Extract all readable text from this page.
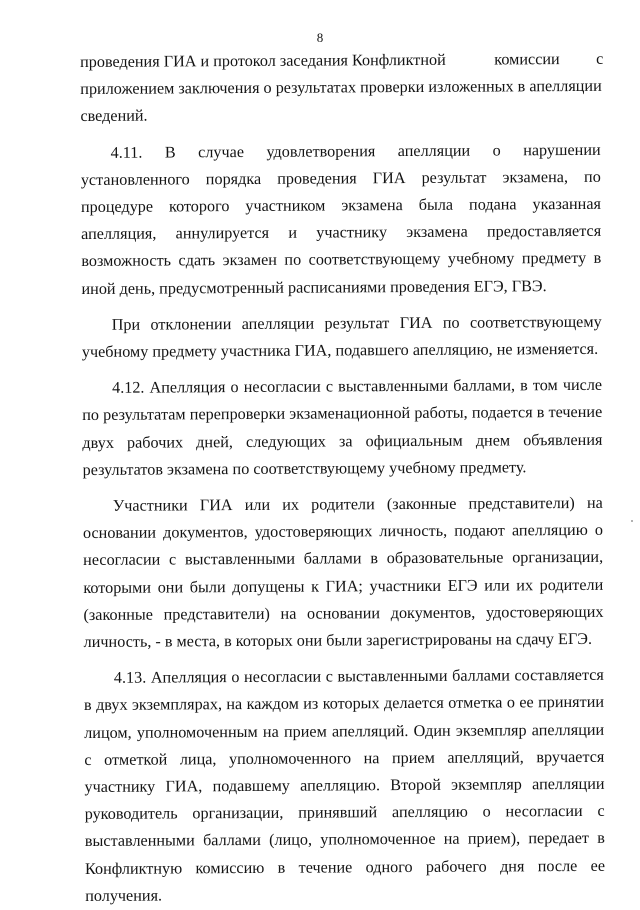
8

проведения ГИА и протокол заседания Конфликтной            комиссии         с
приложением заключения о результатах проверки изложенных в апелляции
сведений.

4.11. В случае удовлетворения апелляции о нарушении установленного порядка проведения ГИА результат экзамена, по процедуре которого участником экзамена была подана указанная апелляция, аннулируется и участнику экзамена предоставляется возможность сдать экзамен по соответствующему учебному предмету в иной день, предусмотренный расписаниями проведения ЕГЭ, ГВЭ.

При отклонении апелляции результат ГИА по соответствующему учебному предмету участника ГИА, подавшего апелляцию, не изменяется.

4.12. Апелляция о несогласии с выставленными баллами, в том числе по результатам перепроверки экзаменационной работы, подается в течение двух рабочих дней, следующих за официальным днем объявления результатов экзамена по соответствующему учебному предмету.

Участники ГИА или их родители (законные представители) на основании документов, удостоверяющих личность, подают апелляцию о несогласии с выставленными баллами в образовательные организации, которыми они были допущены к ГИА; участники ЕГЭ или их родители (законные представители) на основании документов, удостоверяющих личность, - в места, в которых они были зарегистрированы на сдачу ЕГЭ.

4.13. Апелляция о несогласии с выставленными баллами составляется в двух экземплярах, на каждом из которых делается отметка о ее принятии лицом, уполномоченным на прием апелляций. Один экземпляр апелляции с отметкой лица, уполномоченного на прием апелляций, вручается участнику ГИА, подавшему апелляцию. Второй экземпляр апелляции руководитель организации, принявший апелляцию о несогласии с выставленными баллами (лицо, уполномоченное на прием), передает в Конфликтную комиссию в течение одного рабочего дня после ее получения.
